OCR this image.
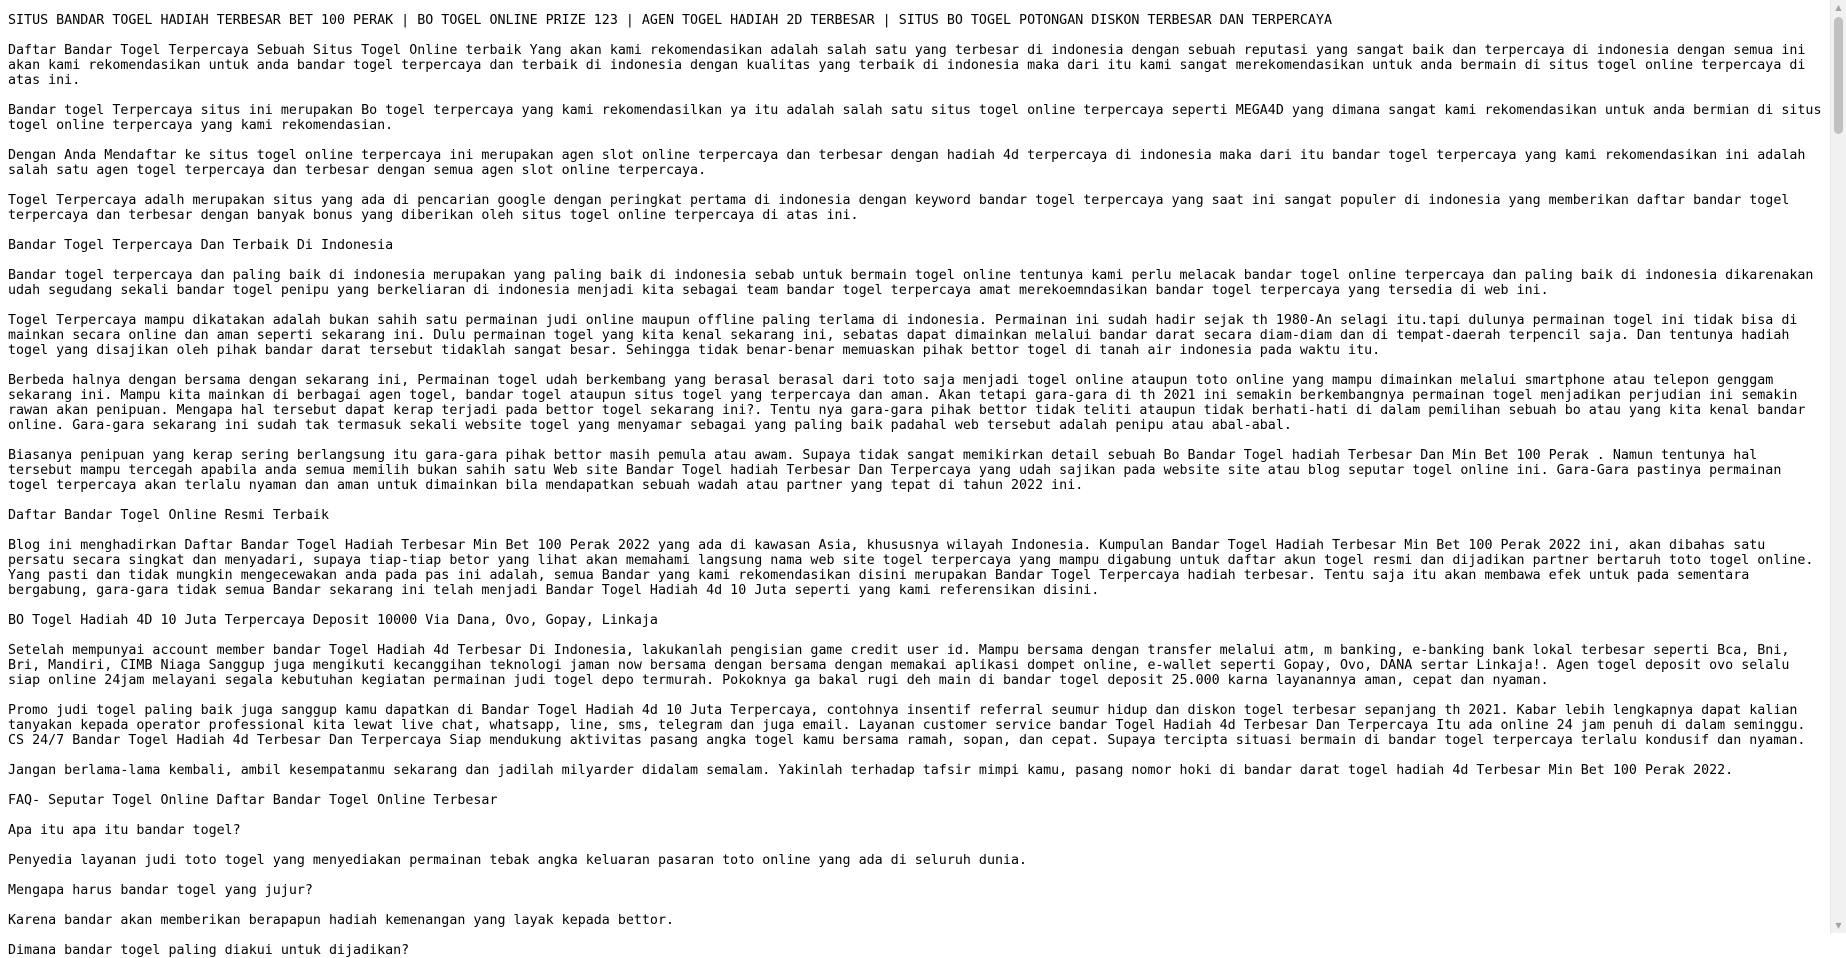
SITUS BANDAR TOGEL HADIAH TERBESAR BET 100 PERAK | BO TOGEL ONLINE PRIZE 123 | AGEN TOGEL HADIAH 2D TERBESAR | SITUS BO TOGEL POTONGAN DISKON TERBESAR DAN TERPERCAYA

Daftar Bandar Togel Terpercaya Sebuah Situs Togel Online terbaik Yang akan kami rekomendasikan adalah salah satu yang terbesar di indonesia dengan sebuah reputasi yang sangat baik dan terpercaya di indonesia dengan semua ini akan kami rekomendasikan untuk anda bandar togel terpercaya dan terbaik di indonesia dengan kualitas yang terbaik di indonesia maka dari itu kami sangat merekomendasikan untuk anda bermain di situs togel online terpercaya di atas ini.

Bandar togel Terpercaya situs ini merupakan Bo togel terpercaya yang kami rekomendasilkan ya itu adalah salah satu situs togel online terpercaya seperti MEGA4D yang dimana sangat kami rekomendasikan untuk anda bermian di situs togel online terpercaya yang kami rekomendasian.

Dengan Anda Mendaftar ke situs togel online terpercaya ini merupakan agen slot online terpercaya dan terbesar dengan hadiah 4d terpercaya di indonesia maka dari itu bandar togel terpercaya yang kami rekomendasikan ini adalah salah satu agen togel terpercaya dan terbesar dengan semua agen slot online terpercaya.

Togel Terpercaya adalh merupakan situs yang ada di pencarian google dengan peringkat pertama di indonesia dengan keyword bandar togel terpercaya yang saat ini sangat populer di indonesia yang memberikan daftar bandar togel terpercaya dan terbesar dengan banyak bonus yang diberikan oleh situs togel online terpercaya di atas ini.

Bandar Togel Terpercaya Dan Terbaik Di Indonesia

Bandar togel terpercaya dan paling baik di indonesia merupakan yang paling baik di indonesia sebab untuk bermain togel online tentunya kami perlu melacak bandar togel online terpercaya dan paling baik di indonesia dikarenakan udah segudang sekali bandar togel penipu yang berkeliaran di indonesia menjadi kita sebagai team bandar togel terpercaya amat merekoemndasikan bandar togel terpercaya yang tersedia di web ini.

Togel Terpercaya mampu dikatakan adalah bukan sahih satu permainan judi online maupun offline paling terlama di indonesia. Permainan ini sudah hadir sejak th 1980-An selagi itu.tapi dulunya permainan togel ini tidak bisa di mainkan secara online dan aman seperti sekarang ini. Dulu permainan togel yang kita kenal sekarang ini, sebatas dapat dimainkan melalui bandar darat secara diam-diam dan di tempat-daerah terpencil saja. Dan tentunya hadiah togel yang disajikan oleh pihak bandar darat tersebut tidaklah sangat besar. Sehingga tidak benar-benar memuaskan pihak bettor togel di tanah air indonesia pada waktu itu.

Berbeda halnya dengan bersama dengan sekarang ini, Permainan togel udah berkembang yang berasal berasal dari toto saja menjadi togel online ataupun toto online yang mampu dimainkan melalui smartphone atau telepon genggam sekarang ini. Mampu kita mainkan di berbagai agen togel, bandar togel ataupun situs togel yang terpercaya dan aman. Akan tetapi gara-gara di th 2021 ini semakin berkembangnya permainan togel menjadikan perjudian ini semakin rawan akan penipuan. Mengapa hal tersebut dapat kerap terjadi pada bettor togel sekarang ini?. Tentu nya gara-gara pihak bettor tidak teliti ataupun tidak berhati-hati di dalam pemilihan sebuah bo atau yang kita kenal bandar online. Gara-gara sekarang ini sudah tak termasuk sekali website togel yang menyamar sebagai yang paling baik padahal web tersebut adalah penipu atau abal-abal.

Biasanya penipuan yang kerap sering berlangsung itu gara-gara pihak bettor masih pemula atau awam. Supaya tidak sangat memikirkan detail sebuah Bo Bandar Togel hadiah Terbesar Dan Min Bet 100 Perak . Namun tentunya hal tersebut mampu tercegah apabila anda semua memilih bukan sahih satu Web site Bandar Togel hadiah Terbesar Dan Terpercaya yang udah sajikan pada website site atau blog seputar togel online ini. Gara-Gara pastinya permainan togel terpercaya akan terlalu nyaman dan aman untuk dimainkan bila mendapatkan sebuah wadah atau partner yang tepat di tahun 2022 ini.

Daftar Bandar Togel Online Resmi Terbaik

Blog ini menghadirkan Daftar Bandar Togel Hadiah Terbesar Min Bet 100 Perak 2022 yang ada di kawasan Asia, khususnya wilayah Indonesia. Kumpulan Bandar Togel Hadiah Terbesar Min Bet 100 Perak 2022 ini, akan dibahas satu persatu secara singkat dan menyadari, supaya tiap-tiap betor yang lihat akan memahami langsung nama web site togel terpercaya yang mampu digabung untuk daftar akun togel resmi dan dijadikan partner bertaruh toto togel online. Yang pasti dan tidak mungkin mengecewakan anda pada pas ini adalah, semua Bandar yang kami rekomendasikan disini merupakan Bandar Togel Terpercaya hadiah terbesar. Tentu saja itu akan membawa efek untuk pada sementara bergabung, gara-gara tidak semua Bandar sekarang ini telah menjadi Bandar Togel Hadiah 4d 10 Juta seperti yang kami referensikan disini.

BO Togel Hadiah 4D 10 Juta Terpercaya Deposit 10000 Via Dana, Ovo, Gopay, Linkaja

Setelah mempunyai account member bandar Togel Hadiah 4d Terbesar Di Indonesia, lakukanlah pengisian game credit user id. Mampu bersama dengan transfer melalui atm, m banking, e-banking bank lokal terbesar seperti Bca, Bni, Bri, Mandiri, CIMB Niaga Sanggup juga mengikuti kecanggihan teknologi jaman now bersama dengan bersama dengan memakai aplikasi dompet online, e-wallet seperti Gopay, Ovo, DANA sertar Linkaja!. Agen togel deposit ovo selalu siap online 24jam melayani segala kebutuhan kegiatan permainan judi togel depo termurah. Pokoknya ga bakal rugi deh main di bandar togel deposit 25.000 karna layanannya aman, cepat dan nyaman.

Promo judi togel paling baik juga sanggup kamu dapatkan di Bandar Togel Hadiah 4d 10 Juta Terpercaya, contohnya insentif referral seumur hidup dan diskon togel terbesar sepanjang th 2021. Kabar lebih lengkapnya dapat kalian tanyakan kepada operator professional kita lewat live chat, whatsapp, line, sms, telegram dan juga email. Layanan customer service bandar Togel Hadiah 4d Terbesar Dan Terpercaya Itu ada online 24 jam penuh di dalam seminggu. CS 24/7 Bandar Togel Hadiah 4d Terbesar Dan Terpercaya Siap mendukung aktivitas pasang angka togel kamu bersama ramah, sopan, dan cepat. Supaya tercipta situasi bermain di bandar togel terpercaya terlalu kondusif dan nyaman.

Jangan berlama-lama kembali, ambil kesempatanmu sekarang dan jadilah milyarder didalam semalam. Yakinlah terhadap tafsir mimpi kamu, pasang nomor hoki di bandar darat togel hadiah 4d Terbesar Min Bet 100 Perak 2022.

FAQ- Seputar Togel Online Daftar Bandar Togel Online Terbesar

Apa itu apa itu bandar togel?

Penyedia layanan judi toto togel yang menyediakan permainan tebak angka keluaran pasaran toto online yang ada di seluruh dunia.

Mengapa harus bandar togel yang jujur?

Karena bandar akan memberikan berapapun hadiah kemenangan yang layak kepada bettor.

Dimana bandar togel paling diakui untuk dijadikan?

▲
▼
